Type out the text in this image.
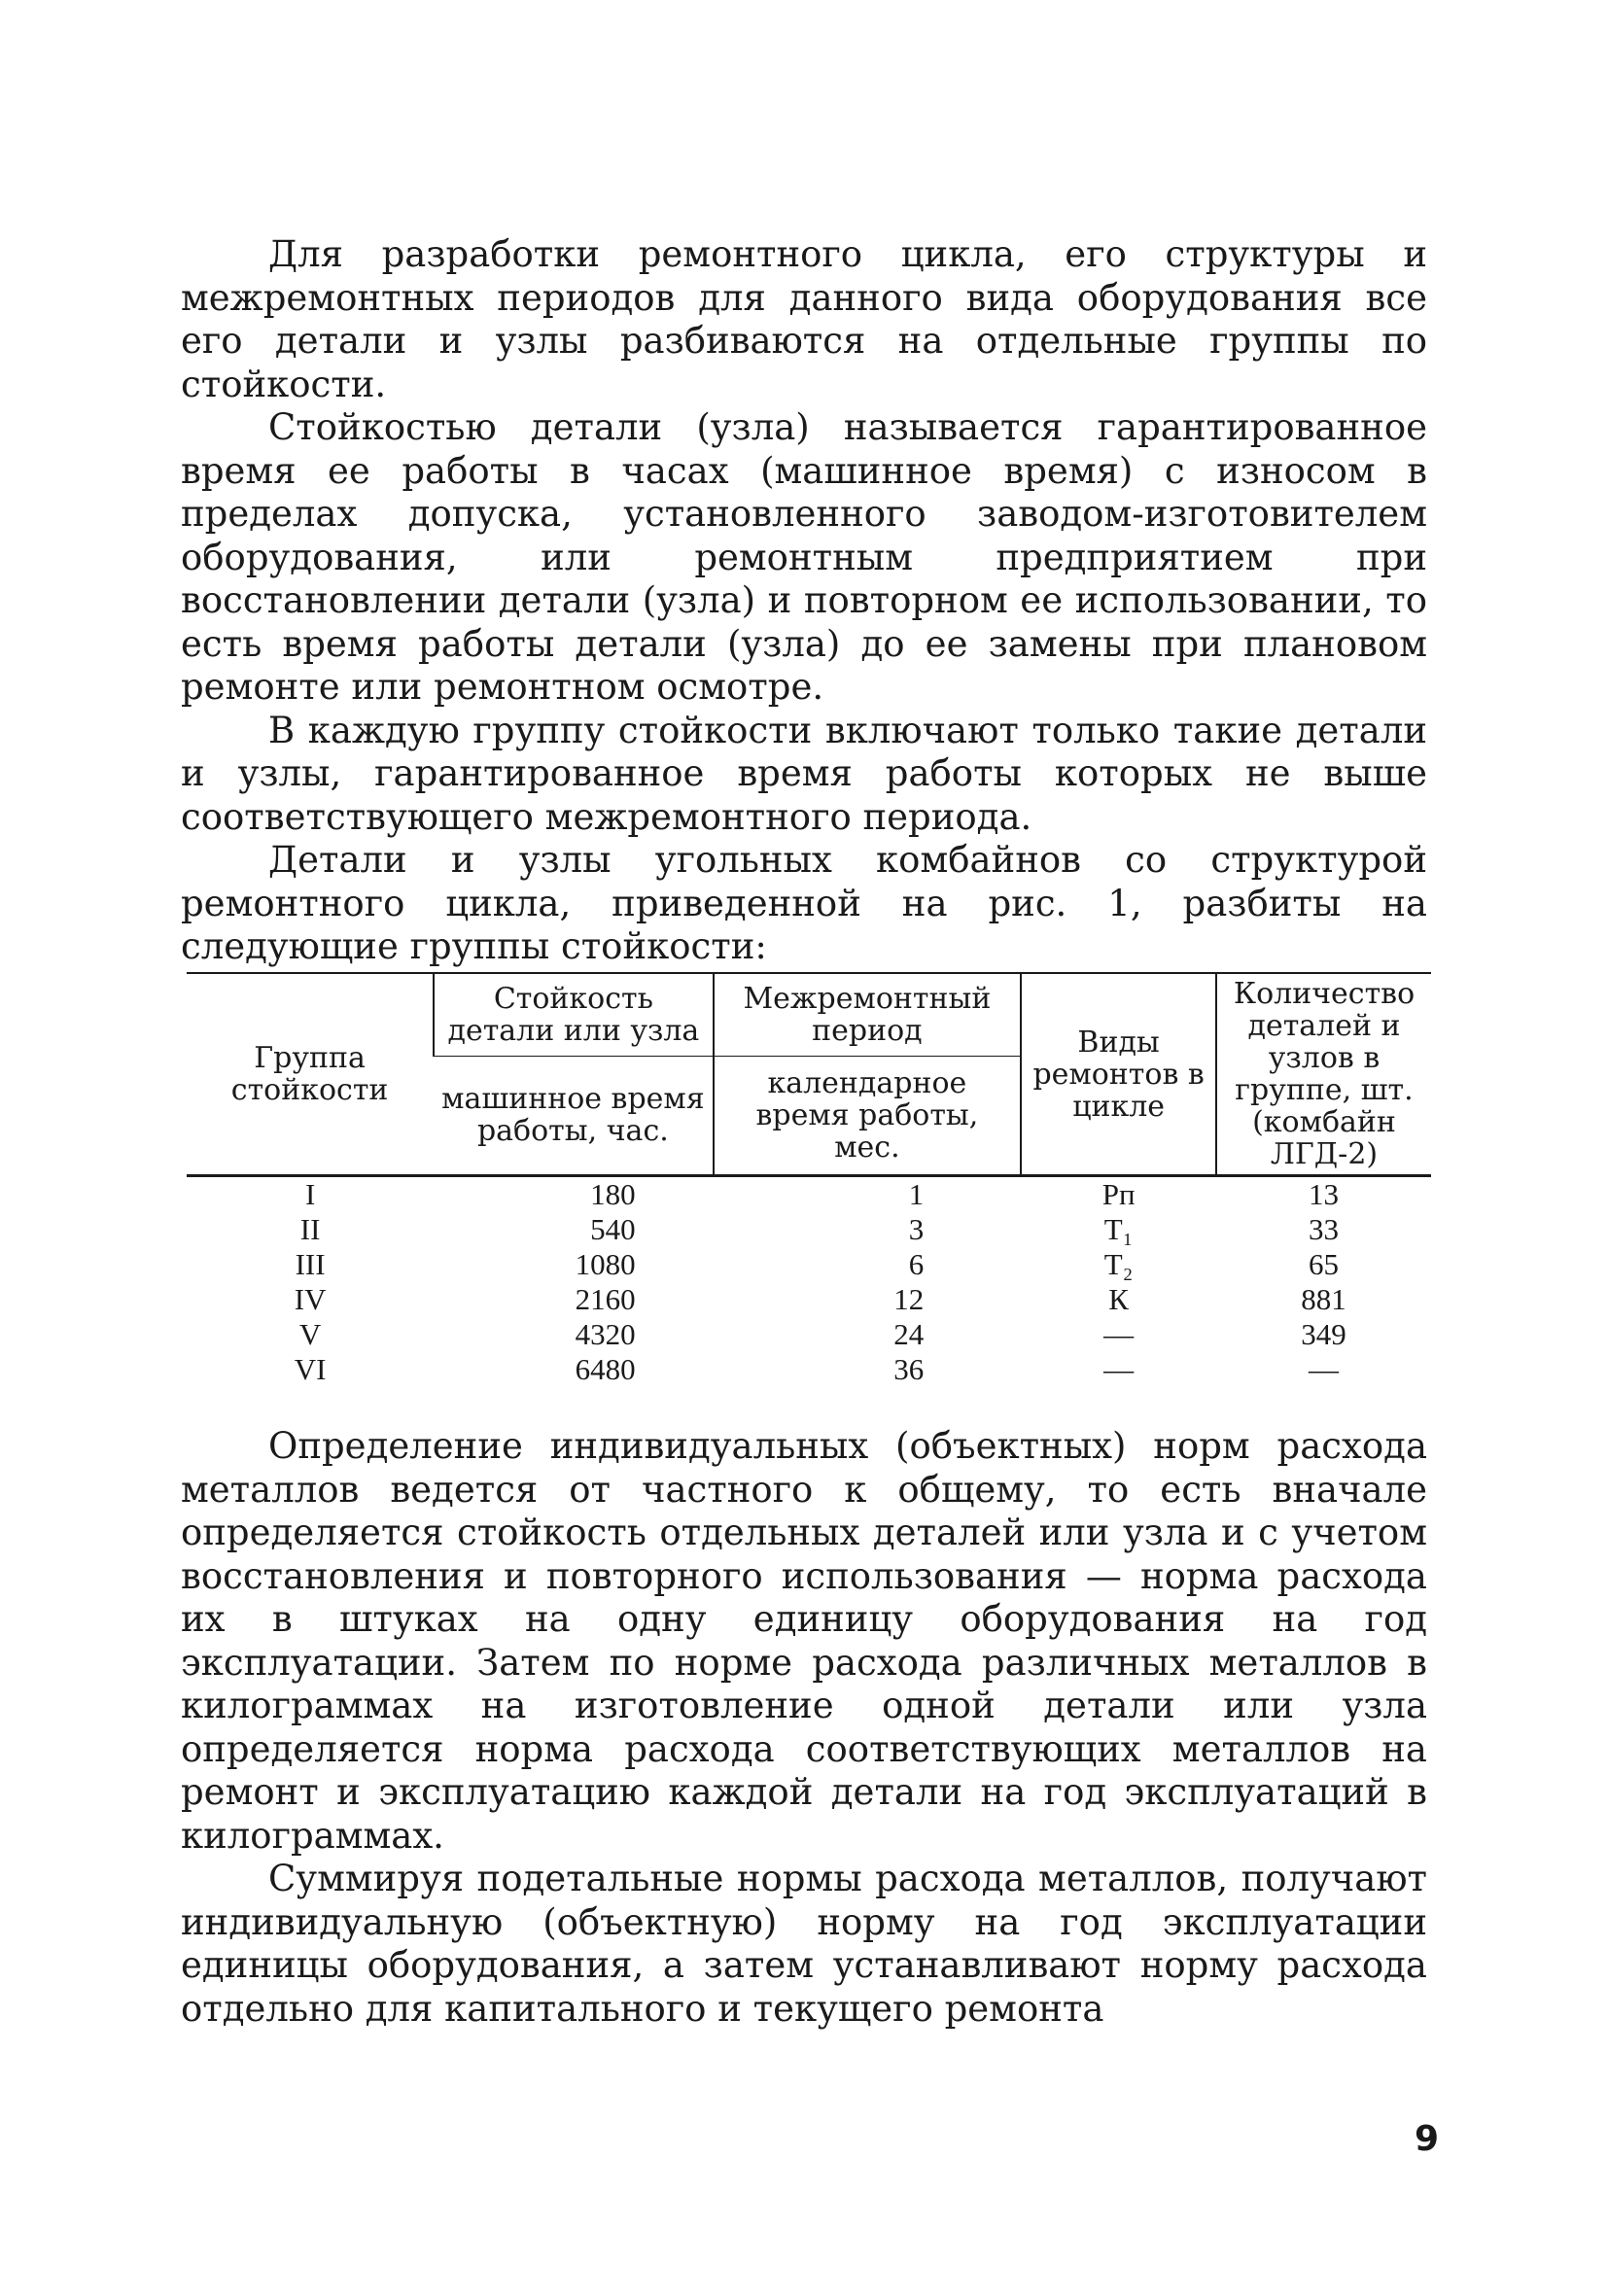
Для разработки ремонтного цикла, его структуры и межремонтных периодов для данного вида оборудования все его детали и узлы разбиваются на отдельные группы по стойкости.

Стойкостью детали (узла) называется гарантированное время ее работы в часах (машинное время) с износом в пределах допуска, установленного заводом-изготовителем оборудования, или ремонтным предприятием при восстановлении детали (узла) и повторном ее использовании, то есть время работы детали (узла) до ее замены при плановом ремонте или ремонтном осмотре.

В каждую группу стойкости включают только такие детали и узлы, гарантированное время работы которых не выше соответствующего межремонтного периода.

Детали и узлы угольных комбайнов со структурой ремонтного цикла, приведенной на рис. 1, разбиты на следующие группы стойкости:

Группа стойкости	Стойкость детали или узла	Межремонтный период	Виды ремонтов в цикле	Количество деталей и узлов в группе, шт. (комбайн ЛГД-2)
	машинное время работы, час.	календарное время работы, мес.		
I	180	1	Рп	13
II	540	3	Т₁	33
III	1080	6	Т₂	65
IV	2160	12	К	881
V	4320	24	—	349
VI	6480	36	—	—

Определение индивидуальных (объектных) норм расхода металлов ведется от частного к общему, то есть вначале определяется стойкость отдельных деталей или узла и с учетом восстановления и повторного использования — норма расхода их в штуках на одну единицу оборудования на год эксплуатации. Затем по норме расхода различных металлов в килограммах на изготовление одной детали или узла определяется норма расхода соответствующих металлов на ремонт и эксплуатацию каждой детали на год эксплуатаций в килограммах.

Суммируя подетальные нормы расхода металлов, получают индивидуальную (объектную) норму на год эксплуатации единицы оборудования, а затем устанавливают норму расхода отдельно для капитального и текущего ремонта

9
